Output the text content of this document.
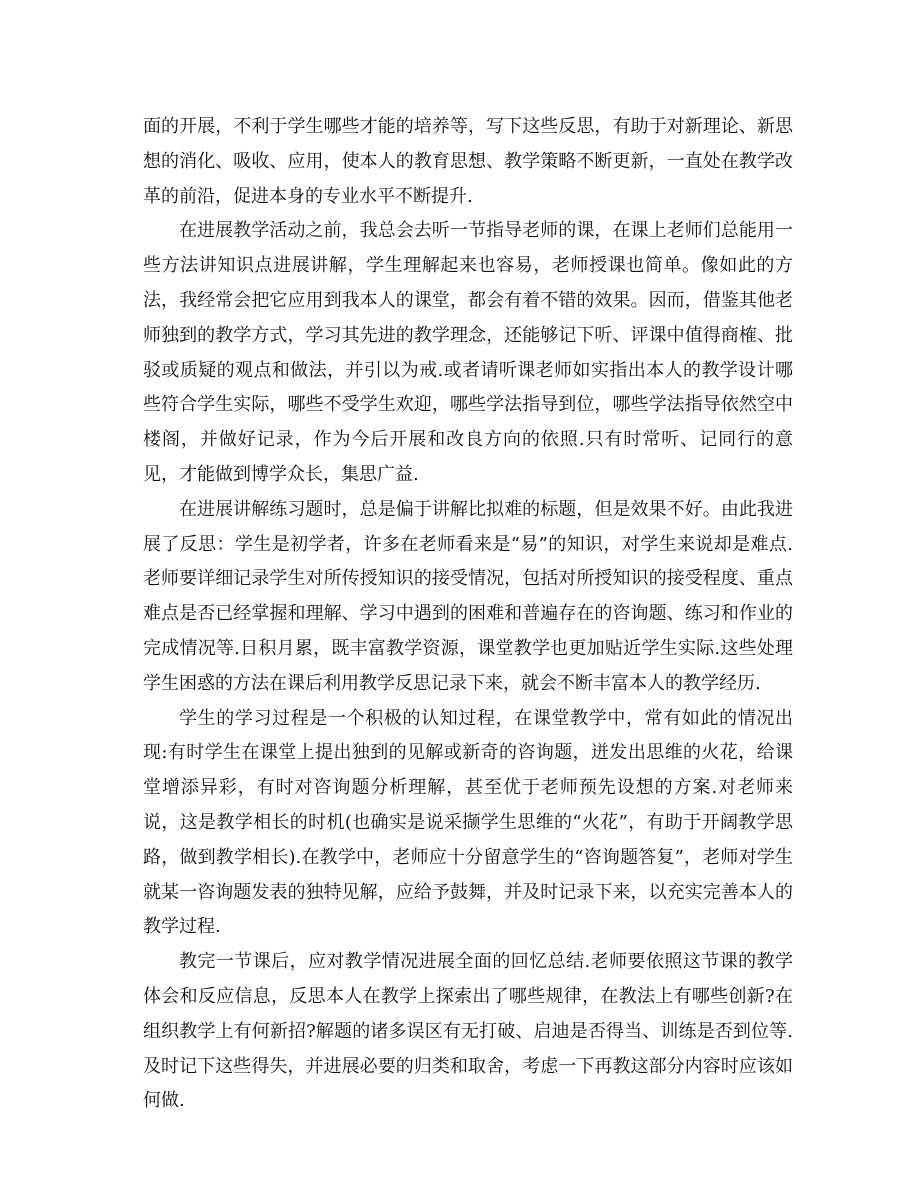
面的开展，不利于学生哪些才能的培养等，写下这些反思，有助于对新理论、新思想的消化、吸收、应用，使本人的教育思想、教学策略不断更新，一直处在教学改革的前沿，促进本身的专业水平不断提升.

在进展教学活动之前，我总会去听一节指导老师的课，在课上老师们总能用一些方法讲知识点进展讲解，学生理解起来也容易，老师授课也简单。像如此的方法，我经常会把它应用到我本人的课堂，都会有着不错的效果。因而，借鉴其他老师独到的教学方式，学习其先进的教学理念，还能够记下听、评课中值得商榷、批驳或质疑的观点和做法，并引以为戒.或者请听课老师如实指出本人的教学设计哪些符合学生实际，哪些不受学生欢迎，哪些学法指导到位，哪些学法指导依然空中楼阁，并做好记录，作为今后开展和改良方向的依照.只有时常听、记同行的意见，才能做到博学众长，集思广益.

在进展讲解练习题时，总是偏于讲解比拟难的标题，但是效果不好。由此我进展了反思：学生是初学者，许多在老师看来是“易”的知识，对学生来说却是难点.老师要详细记录学生对所传授知识的接受情况，包括对所授知识的接受程度、重点难点是否已经掌握和理解、学习中遇到的困难和普遍存在的咨询题、练习和作业的完成情况等.日积月累，既丰富教学资源，课堂教学也更加贴近学生实际.这些处理学生困惑的方法在课后利用教学反思记录下来，就会不断丰富本人的教学经历.

学生的学习过程是一个积极的认知过程，在课堂教学中，常有如此的情况出现:有时学生在课堂上提出独到的见解或新奇的咨询题，迸发出思维的火花，给课堂增添异彩，有时对咨询题分析理解，甚至优于老师预先设想的方案.对老师来说，这是教学相长的时机(也确实是说采撷学生思维的“火花”，有助于开阔教学思路，做到教学相长).在教学中，老师应十分留意学生的“咨询题答复”，老师对学生就某一咨询题发表的独特见解，应给予鼓舞，并及时记录下来，以充实完善本人的教学过程.

教完一节课后，应对教学情况进展全面的回忆总结.老师要依照这节课的教学体会和反应信息，反思本人在教学上探索出了哪些规律，在教法上有哪些创新?在组织教学上有何新招?解题的诸多误区有无打破、启迪是否得当、训练是否到位等.及时记下这些得失，并进展必要的归类和取舍，考虑一下再教这部分内容时应该如何做.
